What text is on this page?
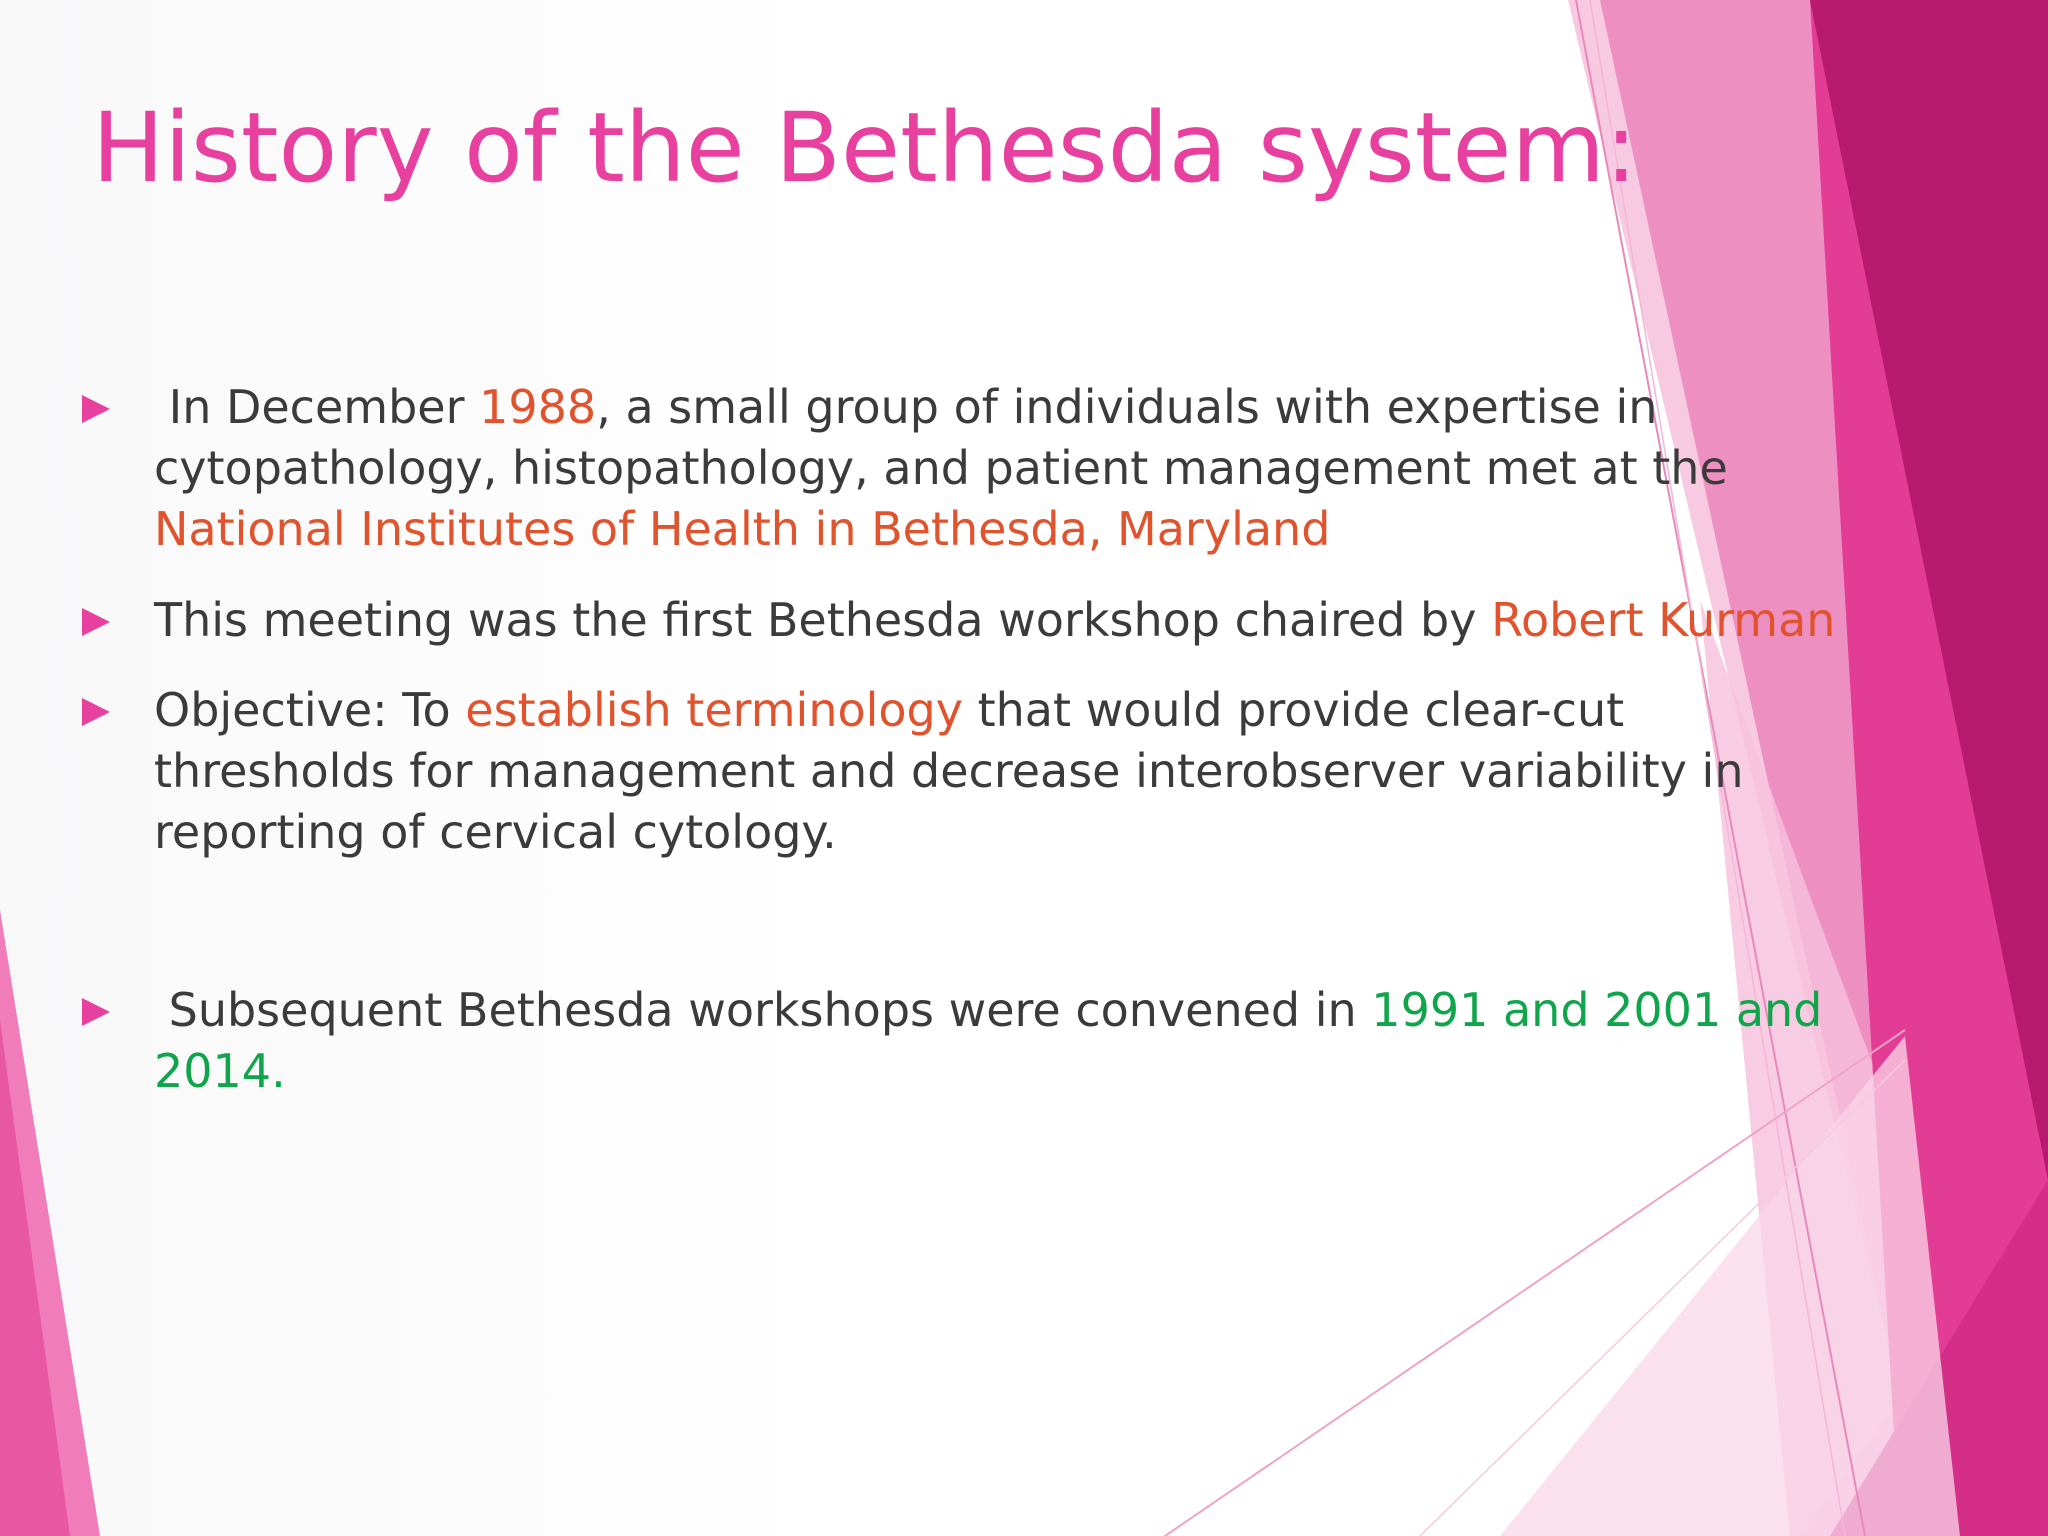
History of the Bethesda system:
In December 1988, a small group of individuals with expertise in
cytopathology, histopathology, and patient management met at the
National Institutes of Health in Bethesda, Maryland
This meeting was the first Bethesda workshop chaired by Robert Kurman
Objective: To establish terminology that would provide clear-cut
thresholds for management and decrease interobserver variability in
reporting of cervical cytology.
Subsequent Bethesda workshops were convened in 1991 and 2001 and
2014.
